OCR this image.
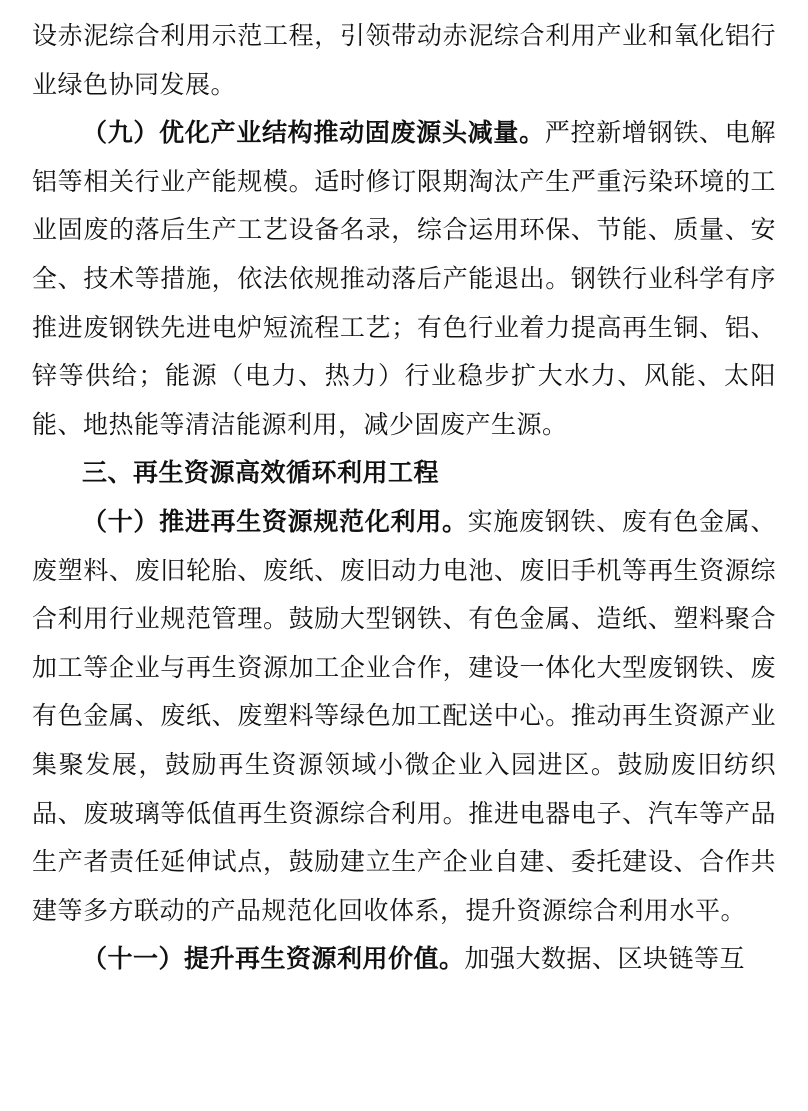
设赤泥综合利用示范工程，引领带动赤泥综合利用产业和氧化铝行业绿色协同发展。

（九）优化产业结构推动固废源头减量。严控新增钢铁、电解铝等相关行业产能规模。适时修订限期淘汰产生严重污染环境的工业固废的落后生产工艺设备名录，综合运用环保、节能、质量、安全、技术等措施，依法依规推动落后产能退出。钢铁行业科学有序推进废钢铁先进电炉短流程工艺；有色行业着力提高再生铜、铝、锌等供给；能源（电力、热力）行业稳步扩大水力、风能、太阳能、地热能等清洁能源利用，减少固废产生源。

三、再生资源高效循环利用工程

（十）推进再生资源规范化利用。实施废钢铁、废有色金属、废塑料、废旧轮胎、废纸、废旧动力电池、废旧手机等再生资源综合利用行业规范管理。鼓励大型钢铁、有色金属、造纸、塑料聚合加工等企业与再生资源加工企业合作，建设一体化大型废钢铁、废有色金属、废纸、废塑料等绿色加工配送中心。推动再生资源产业集聚发展，鼓励再生资源领域小微企业入园进区。鼓励废旧纺织品、废玻璃等低值再生资源综合利用。推进电器电子、汽车等产品生产者责任延伸试点，鼓励建立生产企业自建、委托建设、合作共建等多方联动的产品规范化回收体系，提升资源综合利用水平。

（十一）提升再生资源利用价值。加强大数据、区块链等互
